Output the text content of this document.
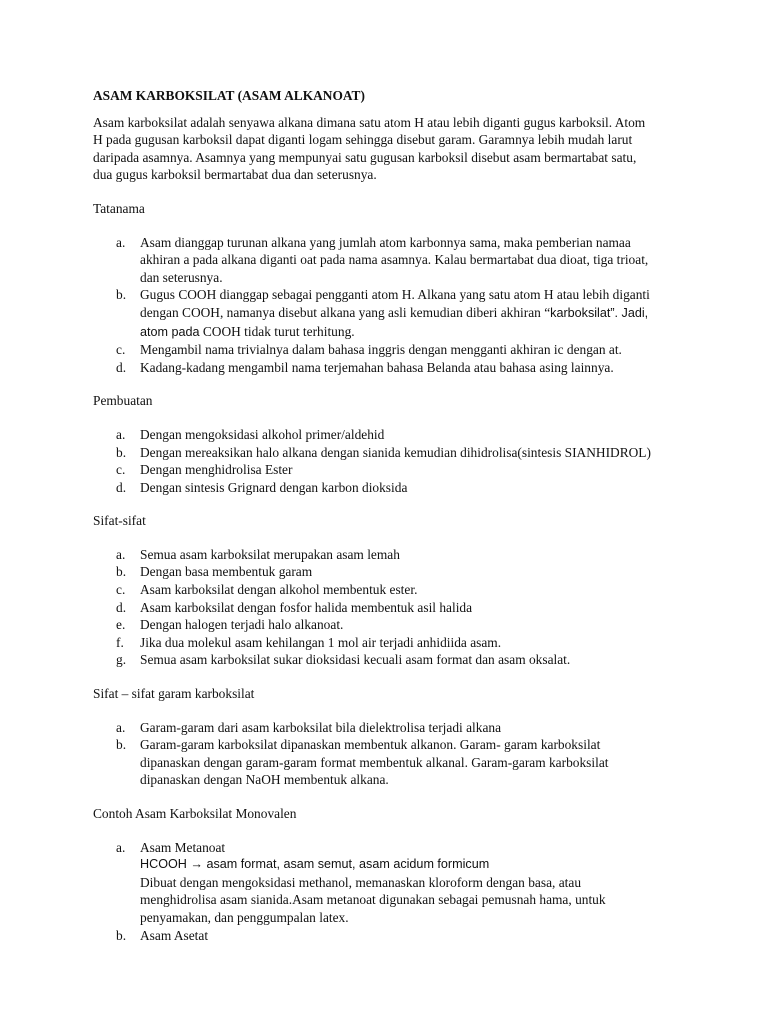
ASAM KARBOKSILAT (ASAM ALKANOAT)

Asam karboksilat adalah senyawa alkana dimana satu atom H atau lebih diganti gugus karboksil. Atom H pada gugusan karboksil dapat diganti logam sehingga disebut garam. Garamnya lebih mudah larut daripada asamnya. Asamnya yang mempunyai satu gugusan karboksil disebut asam bermartabat satu, dua gugus karboksil bermartabat dua dan seterusnya.

Tatanama
a. Asam dianggap turunan alkana yang jumlah atom karbonnya sama, maka pemberian namaa akhiran a pada alkana diganti oat pada nama asamnya. Kalau bermartabat dua dioat, tiga trioat, dan seterusnya.
b. Gugus COOH dianggap sebagai pengganti atom H. Alkana yang satu atom H atau lebih diganti dengan COOH, namanya disebut alkana yang asli kemudian diberi akhiran “karboksilat”. Jadi, atom pada COOH tidak turut terhitung.
c. Mengambil nama trivialnya dalam bahasa inggris dengan mengganti akhiran ic dengan at.
d. Kadang-kadang mengambil nama terjemahan bahasa Belanda atau bahasa asing lainnya.
Pembuatan
a. Dengan mengoksidasi alkohol primer/aldehid
b. Dengan mereaksikan halo alkana dengan sianida kemudian dihidrolisa(sintesis SIANHIDROL)
c. Dengan menghidrolisa Ester
d. Dengan sintesis Grignard dengan karbon dioksida
Sifat-sifat
a. Semua asam karboksilat merupakan asam lemah
b. Dengan basa membentuk garam
c. Asam karboksilat dengan alkohol membentuk ester.
d. Asam karboksilat dengan fosfor halida membentuk asil halida
e. Dengan halogen terjadi halo alkanoat.
f. Jika dua molekul asam kehilangan 1 mol air terjadi anhidiida asam.
g. Semua asam karboksilat sukar dioksidasi kecuali asam format dan asam oksalat.
Sifat – sifat garam karboksilat
a. Garam-garam dari asam karboksilat bila dielektrolisa terjadi alkana
b. Garam-garam karboksilat dipanaskan membentuk alkanon. Garam- garam karboksilat dipanaskan dengan garam-garam format membentuk alkanal. Garam-garam karboksilat dipanaskan dengan NaOH membentuk alkana.
Contoh Asam Karboksilat Monovalen
a. Asam Metanoat
HCOOH → asam format, asam semut, asam acidum formicum
Dibuat dengan mengoksidasi methanol, memanaskan kloroform dengan basa, atau menghidrolisa asam sianida.Asam metanoat digunakan sebagai pemusnah hama, untuk penyamakan, dan penggumpalan latex.
b. Asam Asetat
